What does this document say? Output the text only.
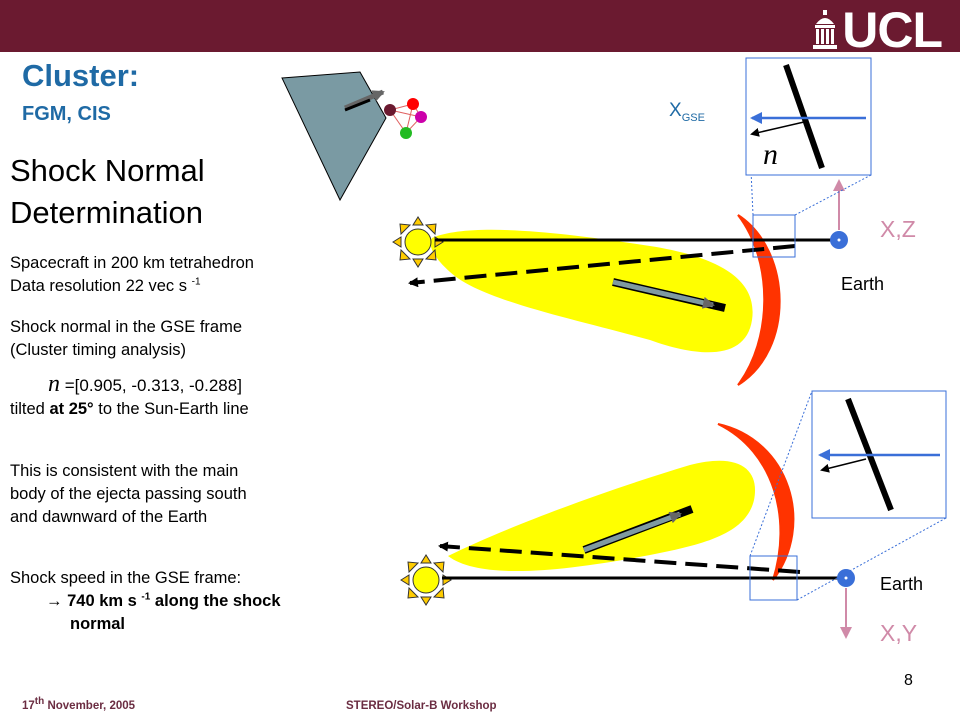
UCL
Cluster:
FGM, CIS
Shock Normal Determination
Spacecraft in 200 km tetrahedron
Data resolution 22 vec s $^{-1}$
Shock normal in the GSE frame
(Cluster timing analysis)
n =[0.905, -0.313, -0.288]
tilted at 25° to the Sun-Earth line
This is consistent with the main
body of the ejecta passing south
and dawnward of the Earth
Shock speed in the GSE frame:
→ 740 km s $^{-1}$ along the shock
normal
$X_{GSE}$
n
X,Z
Earth
Earth
X,Y
17th November, 2005	STEREO/Solar-B Workshop
8
